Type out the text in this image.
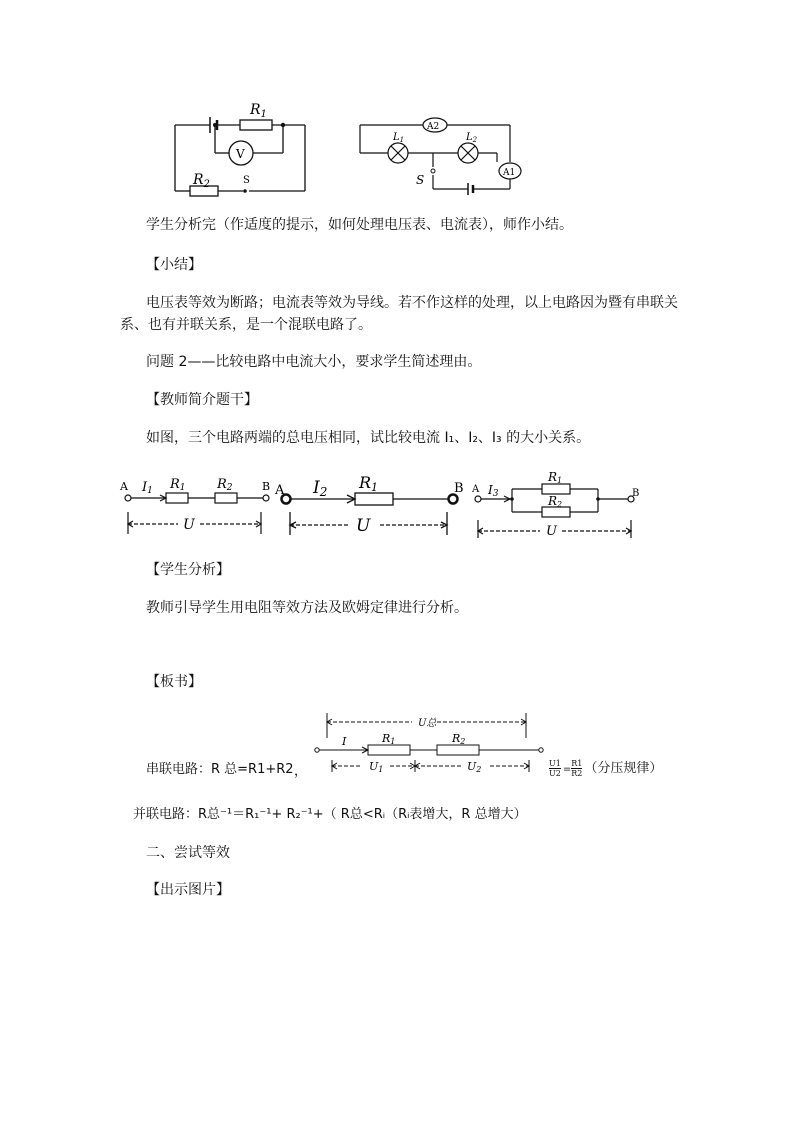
$R_1$
V
$R_2$	S
A2
A1
$L_1$	$L_2$
S
学生分析完（作适度的提示，如何处理电压表、电流表），师作小结。
【小结】
电压表等效为断路；电流表等效为导线。若不作这样的处理，以上电路因为暨有串联关
系、也有并联关系，是一个混联电路了。
问题 2——比较电路中电流大小，要求学生简述理由。
【教师简介题干】
如图，三个电路两端的总电压相同，试比较电流 I₁、I₂、I₃ 的大小关系。
A	B
I1 R1 R2
U
A	B
I2 R1
U
A	B
I3
R1
R2
U
【学生分析】
教师引导学生用电阻等效方法及欧姆定律进行分析。
【板书】
U总
I	R1	R2
U1	U2
串联电路：R 总=R1+R2 ，	$\frac{U1}{U2} = \frac{R1}{R2}$ （分压规律）
并联电路：R总⁻¹＝R₁⁻¹+ R₂⁻¹+（ R总<Rᵢ（Rᵢ表增大，R 总增大）
二、尝试等效
【出示图片】
